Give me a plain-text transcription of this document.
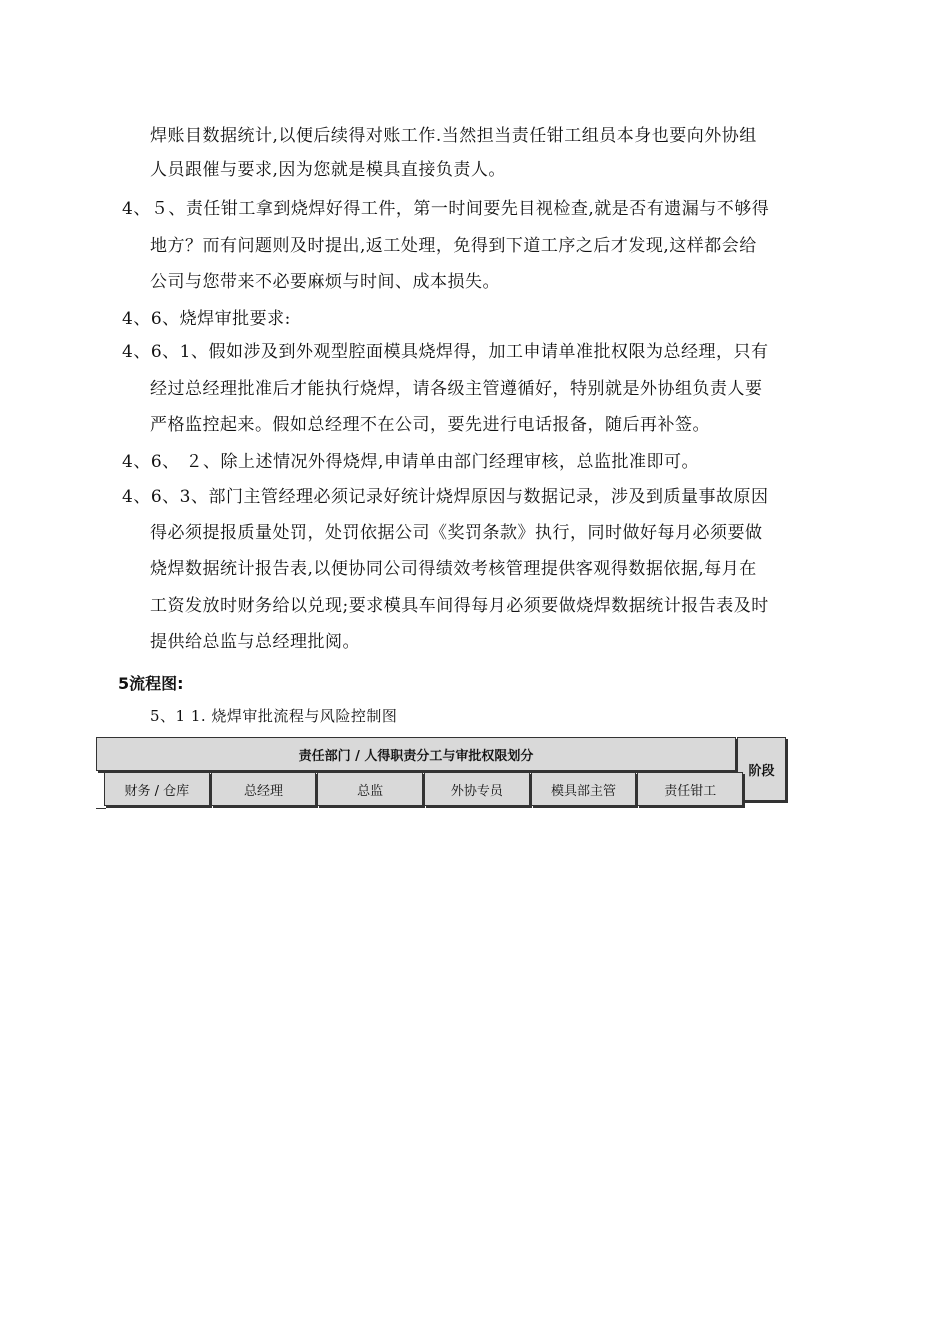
焊账目数据统计,以便后续得对账工作.当然担当责任钳工组员本身也要向外协组
人员跟催与要求,因为您就是模具直接负责人。
4、５、责任钳工拿到烧焊好得工件，第一时间要先目视检查,就是否有遗漏与不够得
地方？而有问题则及时提出,返工处理，免得到下道工序之后才发现,这样都会给
公司与您带来不必要麻烦与时间、成本损失。
4、6、烧焊审批要求:
4、6、1、假如涉及到外观型腔面模具烧焊得，加工申请单准批权限为总经理，只有
经过总经理批准后才能执行烧焊，请各级主管遵循好，特别就是外协组负责人要
严格监控起来。假如总经理不在公司，要先进行电话报备，随后再补签。
4、6、 ２、除上述情况外得烧焊,申请单由部门经理审核，总监批准即可。
4、6、3、部门主管经理必须记录好统计烧焊原因与数据记录，涉及到质量事故原因
得必须提报质量处罚，处罚依据公司《奖罚条款》执行，同时做好每月必须要做
烧焊数据统计报告表,以便协同公司得绩效考核管理提供客观得数据依据,每月在
工资发放时财务给以兑现;要求模具车间得每月必须要做烧焊数据统计报告表及时
提供给总监与总经理批阅。
5流程图:
5、1 1. 烧焊审批流程与风险控制图
责任部门 / 人得职责分工与审批权限划分
阶段
财务 / 仓库	总经理	总监	外协专员	模具部主管	责任钳工
